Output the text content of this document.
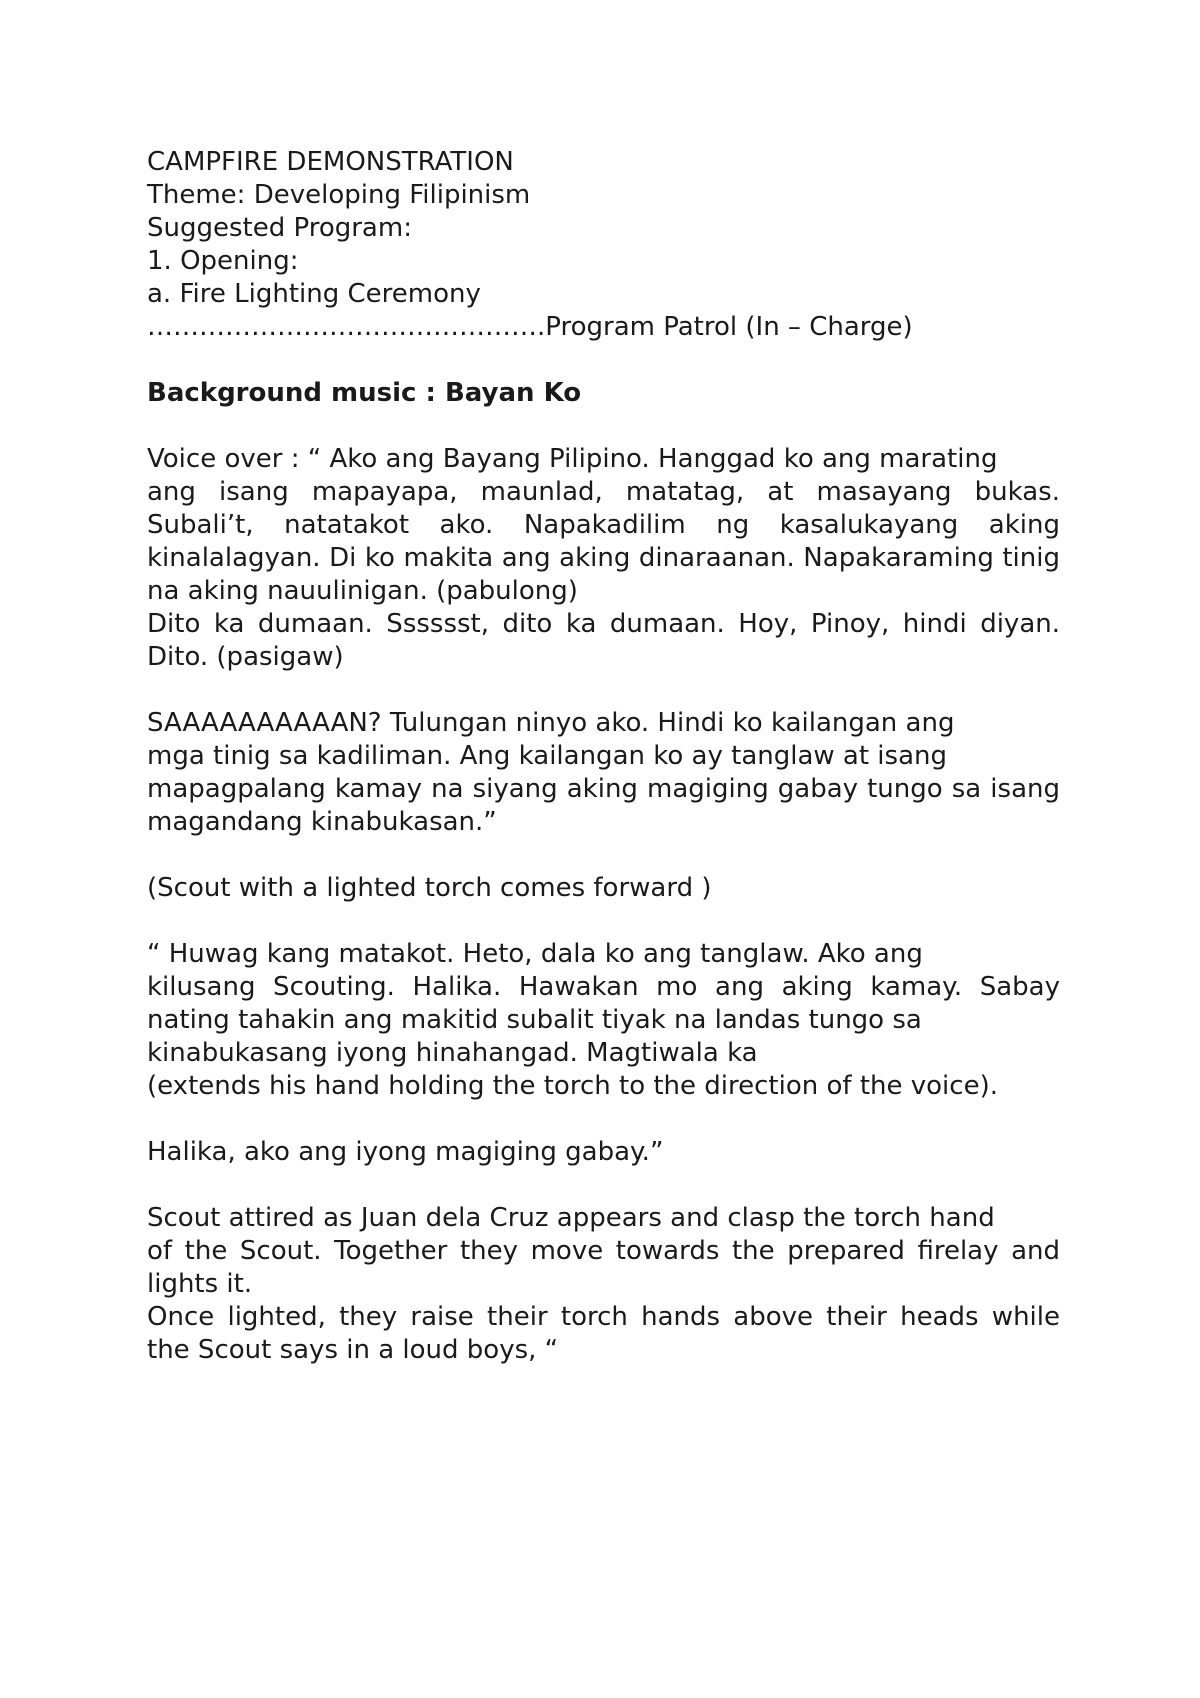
CAMPFIRE DEMONSTRATION
Theme: Developing Filipinism
Suggested Program:
1. Opening:
a. Fire Lighting Ceremony
……………………………………….Program Patrol (In – Charge)
Background music : Bayan Ko
Voice over : “ Ako ang Bayang Pilipino. Hanggad ko ang marating
ang isang mapayapa, maunlad, matatag, at masayang bukas. Subali’t, natatakot ako. Napakadilim ng kasalukayang aking kinalalagyan. Di ko makita ang aking dinaraanan. Napakaraming tinig na aking nauulinigan. (pabulong)
Dito ka dumaan. Sssssst, dito ka dumaan. Hoy, Pinoy, hindi diyan. Dito. (pasigaw)
SAAAAAAAAAAN? Tulungan ninyo ako. Hindi ko kailangan ang
mga tinig sa kadiliman. Ang kailangan ko ay tanglaw at isang
mapagpalang kamay na siyang aking magiging gabay tungo sa isang magandang kinabukasan.”
(Scout with a lighted torch comes forward )
“ Huwag kang matakot. Heto, dala ko ang tanglaw. Ako ang
kilusang Scouting. Halika. Hawakan mo ang aking kamay. Sabay nating tahakin ang makitid subalit tiyak na landas tungo sa
kinabukasang iyong hinahangad. Magtiwala ka
(extends his hand holding the torch to the direction of the voice).
Halika, ako ang iyong magiging gabay.”
Scout attired as Juan dela Cruz appears and clasp the torch hand
of the Scout. Together they move towards the prepared firelay and lights it.
Once lighted, they raise their torch hands above their heads while the Scout says in a loud boys, “
